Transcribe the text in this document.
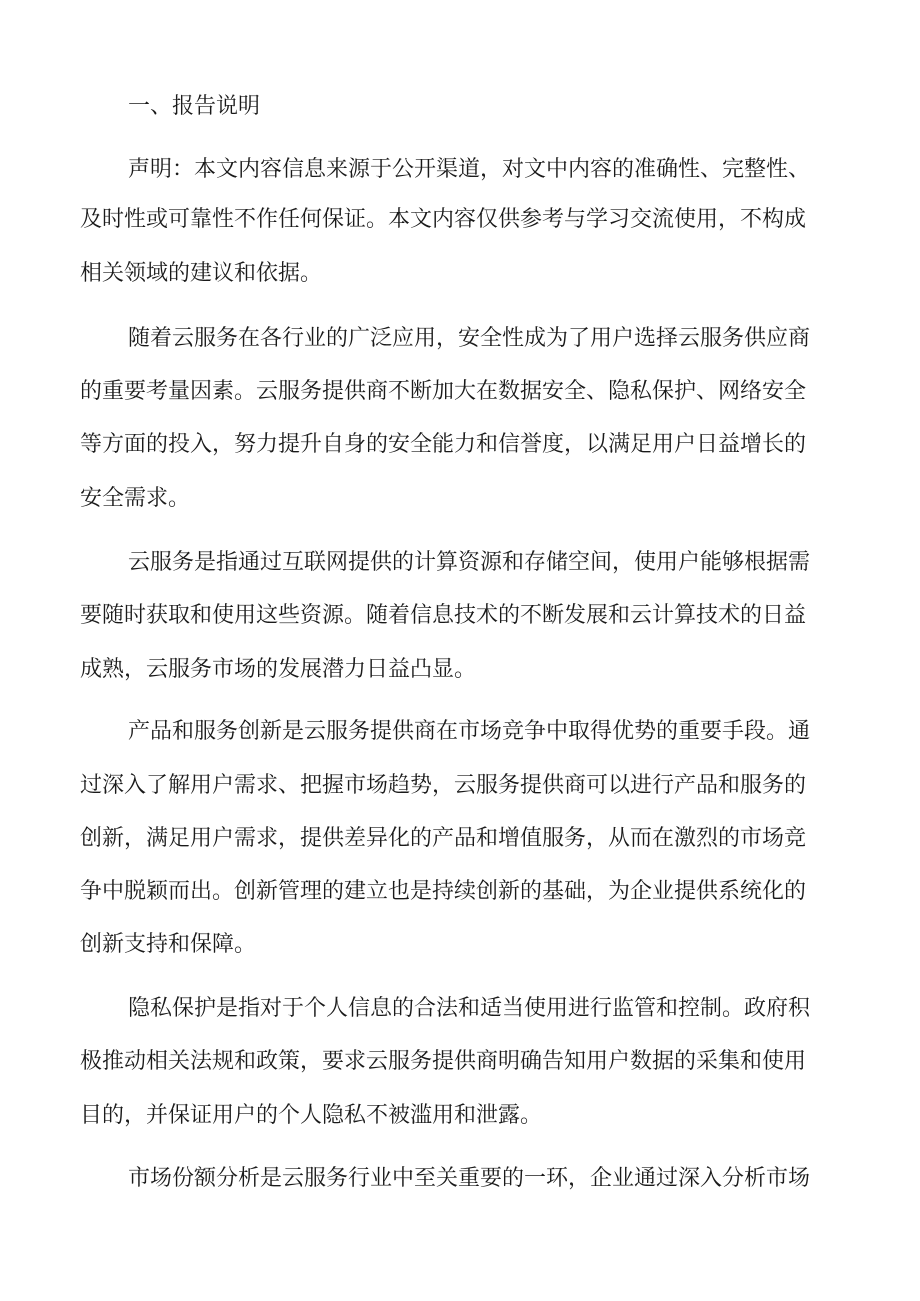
一、报告说明
声明：本文内容信息来源于公开渠道，对文中内容的准确性、完整性、
及时性或可靠性不作任何保证。本文内容仅供参考与学习交流使用，不构成
相关领域的建议和依据。
随着云服务在各行业的广泛应用，安全性成为了用户选择云服务供应商
的重要考量因素。云服务提供商不断加大在数据安全、隐私保护、网络安全
等方面的投入，努力提升自身的安全能力和信誉度，以满足用户日益增长的
安全需求。
云服务是指通过互联网提供的计算资源和存储空间，使用户能够根据需
要随时获取和使用这些资源。随着信息技术的不断发展和云计算技术的日益
成熟，云服务市场的发展潜力日益凸显。
产品和服务创新是云服务提供商在市场竞争中取得优势的重要手段。通
过深入了解用户需求、把握市场趋势，云服务提供商可以进行产品和服务的
创新，满足用户需求，提供差异化的产品和增值服务，从而在激烈的市场竞
争中脱颖而出。创新管理的建立也是持续创新的基础，为企业提供系统化的
创新支持和保障。
隐私保护是指对于个人信息的合法和适当使用进行监管和控制。政府积
极推动相关法规和政策，要求云服务提供商明确告知用户数据的采集和使用
目的，并保证用户的个人隐私不被滥用和泄露。
市场份额分析是云服务行业中至关重要的一环，企业通过深入分析市场
